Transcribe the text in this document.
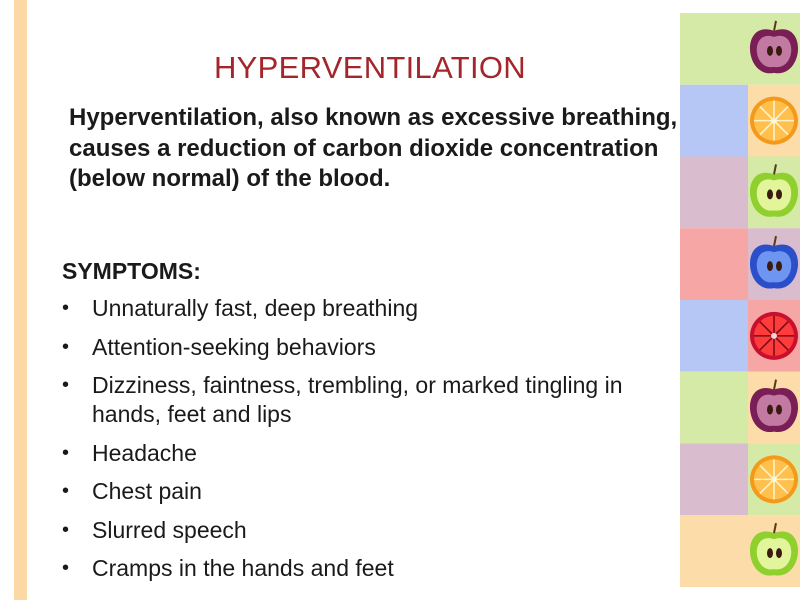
HYPERVENTILATION
Hyperventilation, also known as excessive breathing, causes a reduction of carbon dioxide concentration (below normal) of the blood.
SYMPTOMS:
• Unnaturally fast, deep breathing
• Attention-seeking behaviors
• Dizziness, faintness, trembling, or marked tingling in hands, feet and lips
• Headache
• Chest pain
• Slurred speech
• Cramps in the hands and feet
